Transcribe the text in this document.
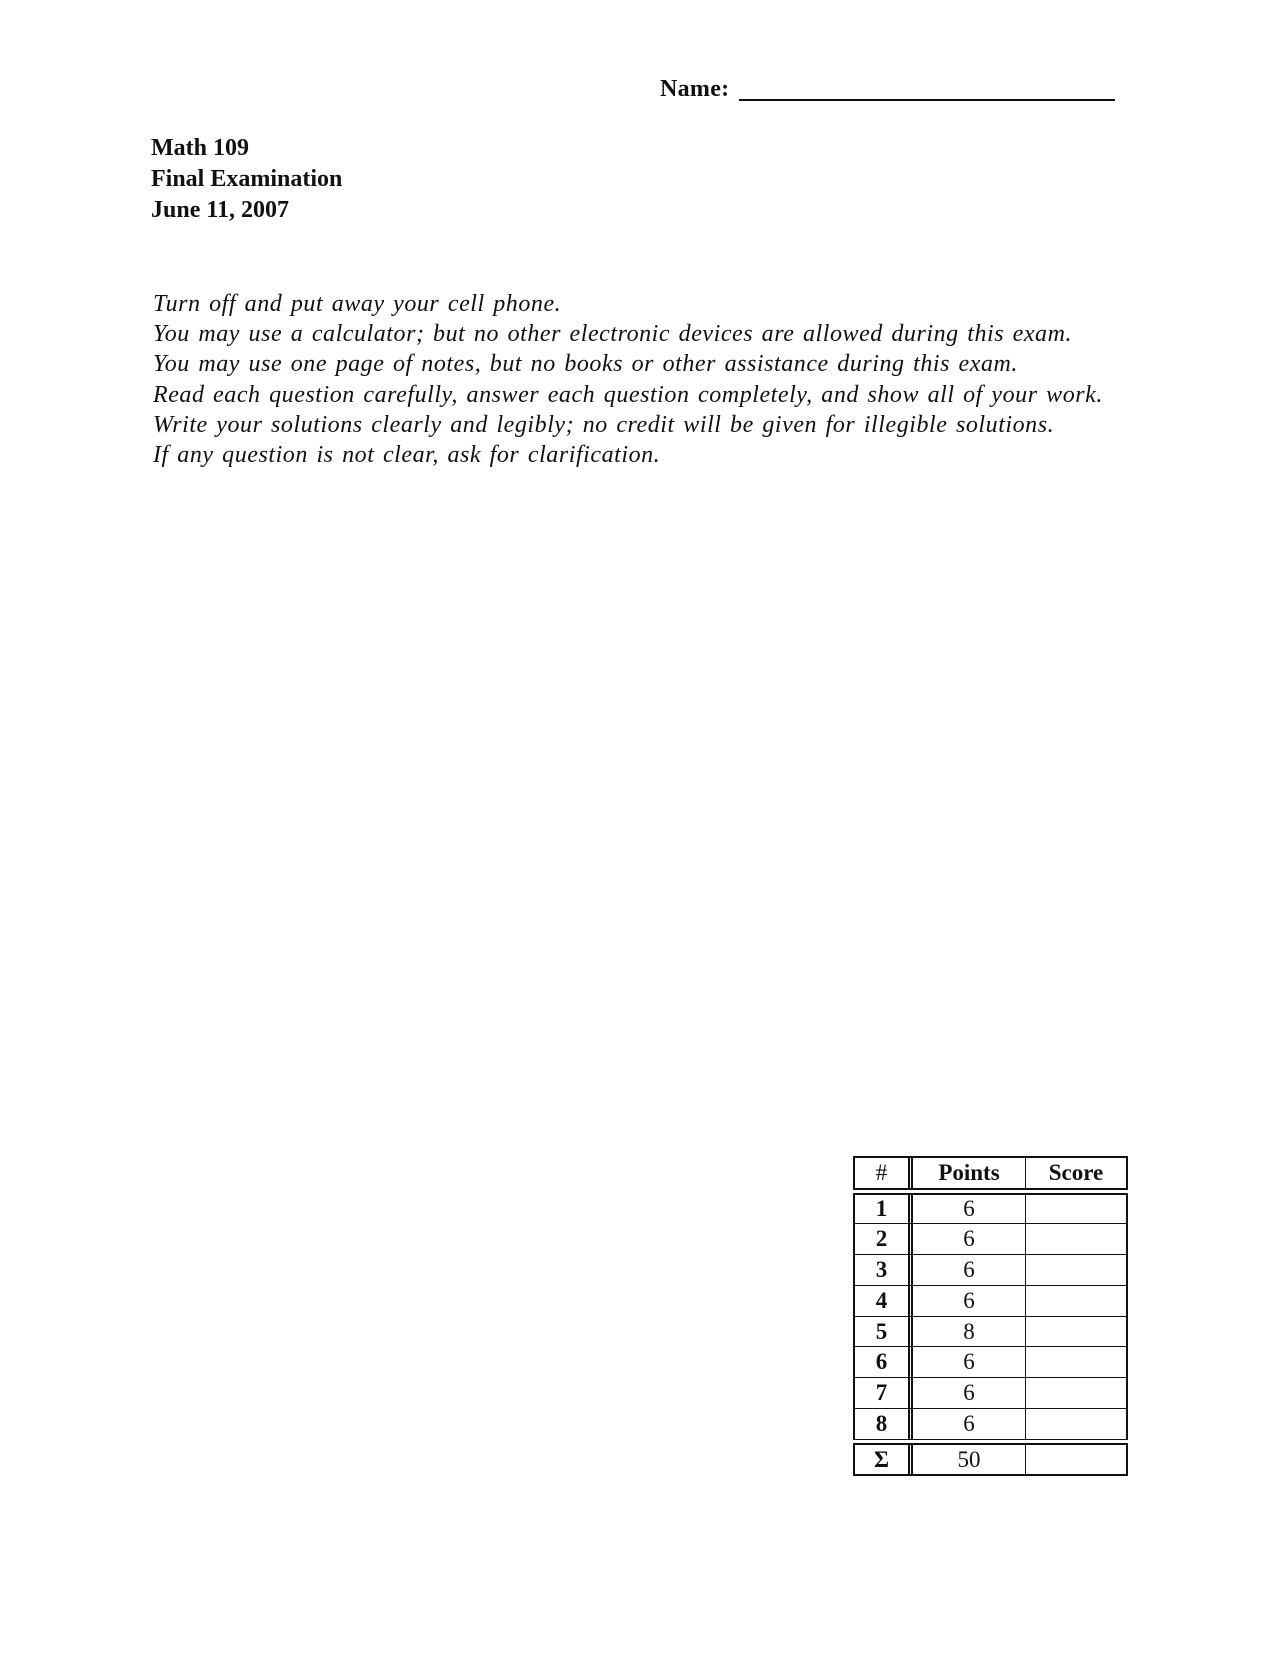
Name:
Math 109
Final Examination
June 11, 2007
Turn off and put away your cell phone.
You may use a calculator; but no other electronic devices are allowed during this exam.
You may use one page of notes, but no books or other assistance during this exam.
Read each question carefully, answer each question completely, and show all of your work.
Write your solutions clearly and legibly; no credit will be given for illegible solutions.
If any question is not clear, ask for clarification.
#	Points	Score
1	6
2	6
3	6
4	6
5	8
6	6
7	6
8	6
Σ	50
